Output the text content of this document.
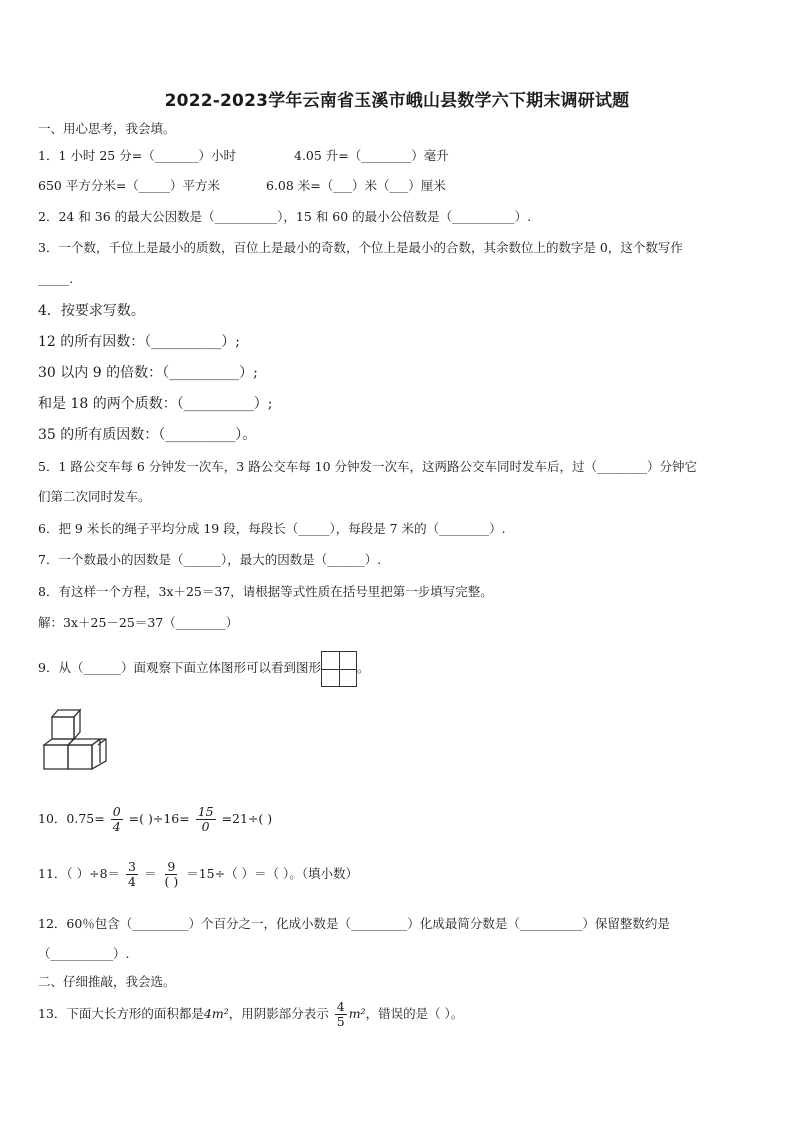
2022-2023学年云南省玉溪市峨山县数学六下期末调研试题
一、用心思考，我会填。
1．1 小时 25 分=（_______）小时	4.05 升=（________）毫升
650 平方分米=（_____）平方米	6.08 米=（___）米（___）厘米
2．24 和 36 的最大公因数是（__________），15 和 60 的最小公倍数是（__________）.
3．一个数，千位上是最小的质数，百位上是最小的奇数，个位上是最小的合数，其余数位上的数字是 0，这个数写作
_____.
4．按要求写数。
12 的所有因数：（__________）;
30 以内 9 的倍数：（__________）;
和是 18 的两个质数：（__________）;
35 的所有质因数：（__________）。
5．1 路公交车每 6 分钟发一次车，3 路公交车每 10 分钟发一次车，这两路公交车同时发车后，过（________）分钟它
们第二次同时发车。
6．把 9 米长的绳子平均分成 19 段，每段长（_____），每段是 7 米的（________）.
7．一个数最小的因数是（______），最大的因数是（______）.
8．有这样一个方程，3x＋25＝37，请根据等式性质在括号里把第一步填写完整。
解：3x＋25－25＝37（________）
9．从（______）面观察下面立体图形可以看到图形	。
10．$0.75= \frac{0}{4}$ =( )$\div 16= \frac{15}{0} =21\div$( )
11．（ ）$\div 8= \frac{3}{4} = \frac{9}{( )} =15\div$（ ）＝（ ）。（填小数）
12．60％包含（_________）个百分之一，化成小数是（_________）化成最简分数是（__________）保留整数约是
（__________）.
二、仔细推敲，我会选。
13．下面大长方形的面积都是4m²，用阴影部分表示 $\frac{4}{5} m^2$，错误的是（ ）。
